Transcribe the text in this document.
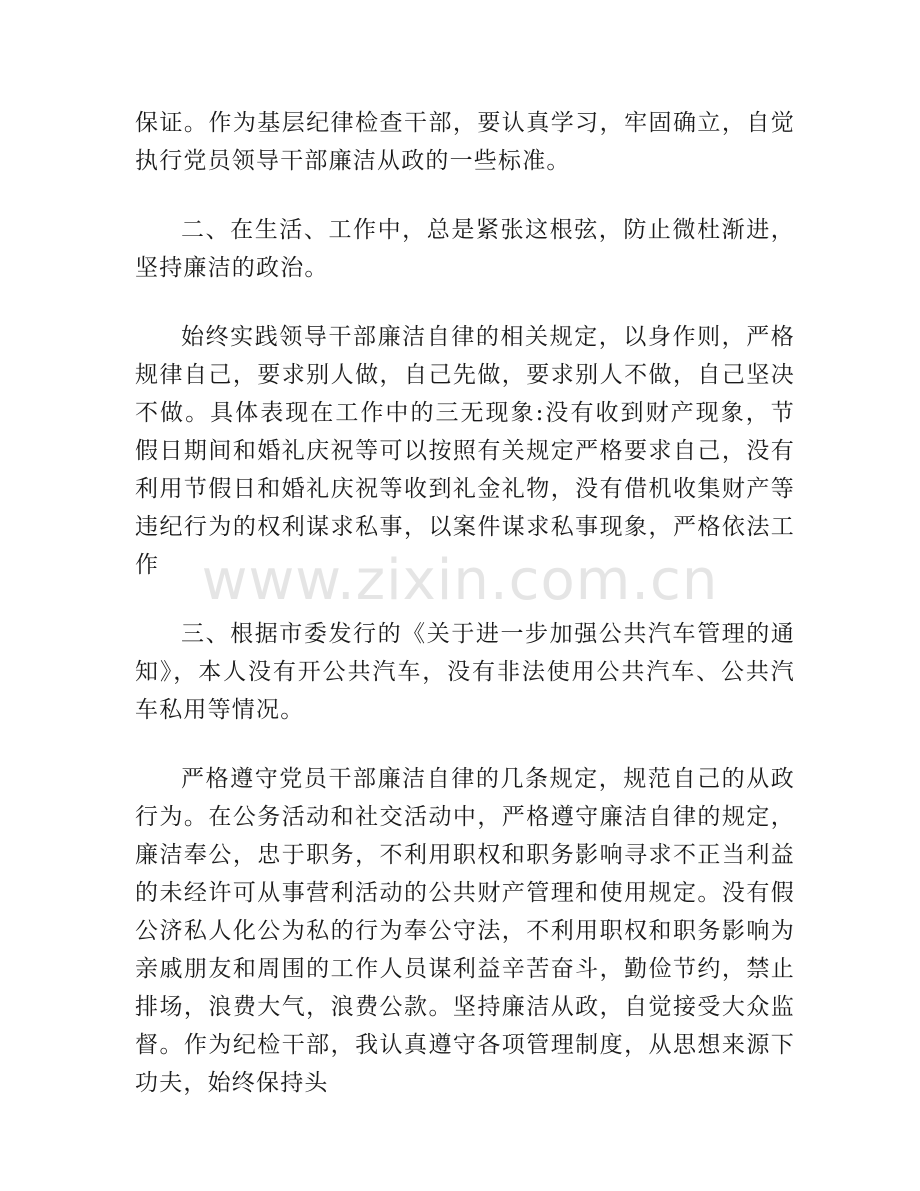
保证。作为基层纪律检查干部，要认真学习，牢固确立，自觉执行党员领导干部廉洁从政的一些标准。

二、在生活、工作中，总是紧张这根弦，防止微杜渐进，坚持廉洁的政治。

始终实践领导干部廉洁自律的相关规定，以身作则，严格规律自己，要求别人做，自己先做，要求别人不做，自己坚决不做。具体表现在工作中的三无现象:没有收到财产现象，节假日期间和婚礼庆祝等可以按照有关规定严格要求自己，没有利用节假日和婚礼庆祝等收到礼金礼物，没有借机收集财产等违纪行为的权利谋求私事，以案件谋求私事现象，严格依法工作

三、根据市委发行的《关于进一步加强公共汽车管理的通知》，本人没有开公共汽车，没有非法使用公共汽车、公共汽车私用等情况。

严格遵守党员干部廉洁自律的几条规定，规范自己的从政行为。在公务活动和社交活动中，严格遵守廉洁自律的规定，廉洁奉公，忠于职务，不利用职权和职务影响寻求不正当利益的未经许可从事营利活动的公共财产管理和使用规定。没有假公济私人化公为私的行为奉公守法，不利用职权和职务影响为亲戚朋友和周围的工作人员谋利益辛苦奋斗，勤俭节约，禁止排场，浪费大气，浪费公款。坚持廉洁从政，自觉接受大众监督。作为纪检干部，我认真遵守各项管理制度，从思想来源下功夫，始终保持头

www.zixin.com.cn
